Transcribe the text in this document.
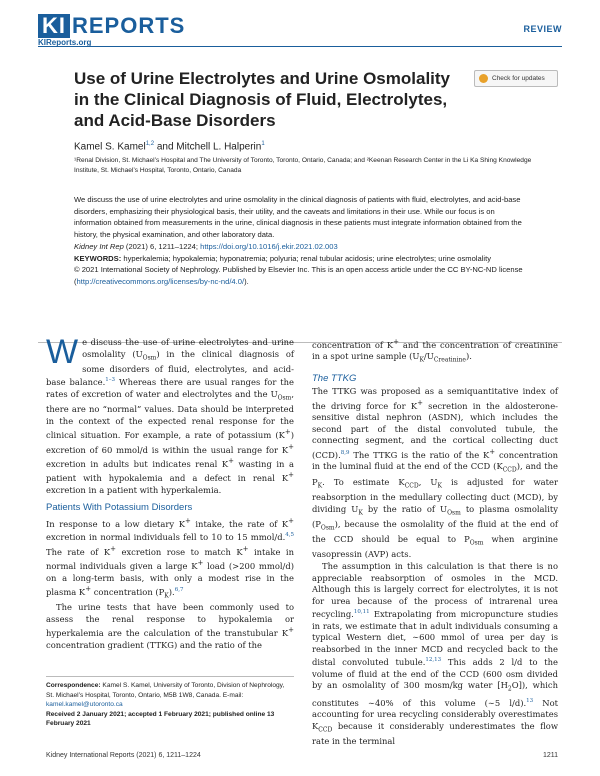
KI REPORTS
KIReports.org
REVIEW
Use of Urine Electrolytes and Urine Osmolality in the Clinical Diagnosis of Fluid, Electrolytes, and Acid-Base Disorders
Check for updates
Kamel S. Kamel$^{1,2}$ and Mitchell L. Halperin$^1$
¹Renal Division, St. Michael’s Hospital and The University of Toronto, Toronto, Ontario, Canada; and ²Keenan Research Center in the Li Ka Shing Knowledge Institute, St. Michael’s Hospital, Toronto, Ontario, Canada

We discuss the use of urine electrolytes and urine osmolality in the clinical diagnosis of patients with fluid, electrolytes, and acid-base disorders, emphasizing their physiological basis, their utility, and the caveats and limitations in their use. While our focus is on information obtained from measurements in the urine, clinical diagnosis in these patients must integrate information obtained from the history, the physical examination, and other laboratory data.

Kidney Int Rep (2021) 6, 1211–1224; https://doi.org/10.1016/j.ekir.2021.02.003

KEYWORDS: hyperkalemia; hypokalemia; hyponatremia; polyuria; renal tubular acidosis; urine electrolytes; urine osmolality

© 2021 International Society of Nephrology. Published by Elsevier Inc. This is an open access article under the CC BY-NC-ND license (http://creativecommons.org/licenses/by-nc-nd/4.0/).

We discuss the use of urine electrolytes and urine osmolality $(U_{Osm})$ in the clinical diagnosis of some disorders of fluid, electrolytes, and acid-base balance.$^{1-3}$ Whereas there are usual ranges for the rates of excretion of water and electrolytes and the $U_{Osm}$, there are no “normal” values. Data should be interpreted in the context of the expected renal response for the clinical situation. For example, a rate of potassium (K+) excretion of 60 mmol/d is within the usual range for K+ excretion in adults but indicates renal K+ wasting in a patient with hypokalemia and a defect in renal K+ excretion in a patient with hyperkalemia.

Patients With Potassium Disorders

In response to a low dietary K+ intake, the rate of K+ excretion in normal individuals fell to 10 to 15 mmol/d.$^{4,5}$ The rate of K+ excretion rose to match K+ intake in normal individuals given a large K+ load (>200 mmol/d) on a long-term basis, with only a modest rise in the plasma K+ concentration $(P_K).^{6,7}$

The urine tests that have been commonly used to assess the renal response to hypokalemia or hyperkalemia are the calculation of the transtubular K+ concentration gradient (TTKG) and the ratio of the

concentration of K+ and the concentration of creatinine in a spot urine sample $(U_K/U_{Creatinine})$.

The TTKG

The TTKG was proposed as a semiquantitative index of the driving force for K+ secretion in the aldosterone-sensitive distal nephron (ASDN), which includes the second part of the distal convoluted tubule, the connecting segment, and the cortical collecting duct (CCD).$^{8,9}$ The TTKG is the ratio of the K+ concentration in the luminal fluid at the end of the CCD $(K_{CCD})$, and the $P_K$. To estimate $K_{CCD}$, $U_K$ is adjusted for water reabsorption in the medullary collecting duct (MCD), by dividing $U_K$ by the ratio of $U_{Osm}$ to plasma osmolality $(P_{Osm})$, because the osmolality of the fluid at the end of the CCD should be equal to $P_{Osm}$ when arginine vasopressin (AVP) acts.

The assumption in this calculation is that there is no appreciable reabsorption of osmoles in the MCD. Although this is largely correct for electrolytes, it is not for urea because of the process of intrarenal urea recycling.$^{10,11}$ Extrapolating from micropuncture studies in rats, we estimate that in adult individuals consuming a typical Western diet, ∼600 mmol of urea per day is reabsorbed in the inner MCD and recycled back to the distal convoluted tubule.$^{12,13}$ This adds 2 l/d to the volume of fluid at the end of the CCD (600 osm divided by an osmolality of 300 mosm/kg water $[H_2O]$), which constitutes ∼40% of this volume (∼5 l/d).$^{13}$ Not accounting for urea recycling considerably overestimates $K_{CCD}$ because it considerably underestimates the flow rate in the terminal

Correspondence: Kamel S. Kamel, University of Toronto, Division of Nephrology, St. Michael’s Hospital, Toronto, Ontario, M5B 1W8, Canada. E-mail: kamel.kamel@utoronto.ca
Received 2 January 2021; accepted 1 February 2021; published online 13 February 2021
Kidney International Reports (2021) 6, 1211–1224	1211
